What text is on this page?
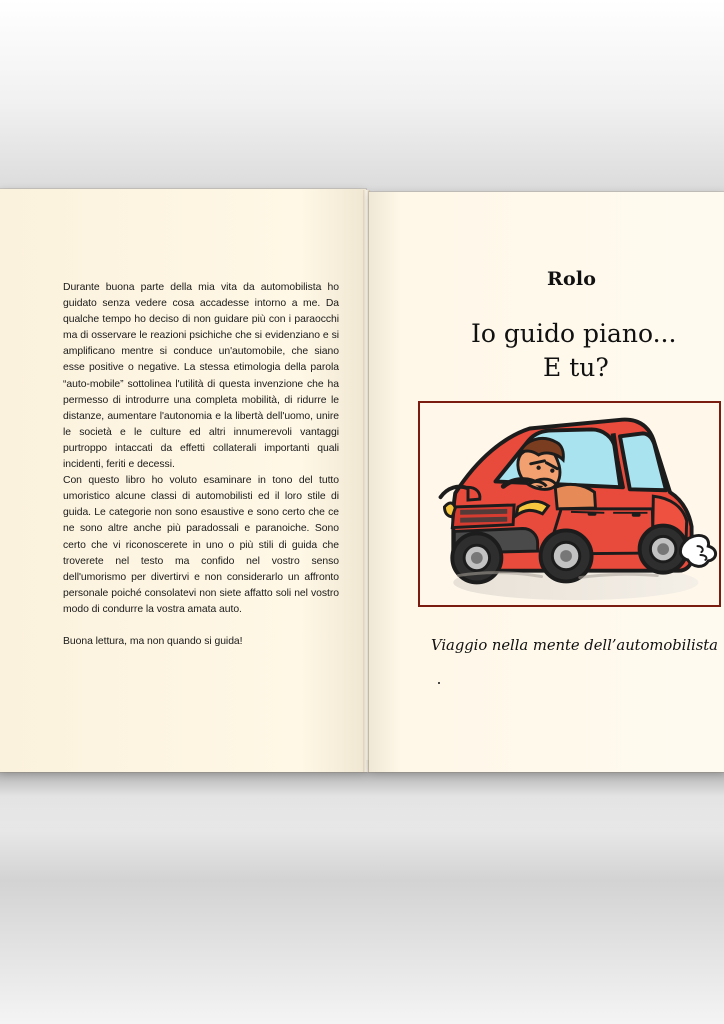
Durante buona parte della mia vita da automobilista ho guidato senza vedere cosa accadesse intorno a me. Da qualche tempo ho deciso di non guidare più con i paraocchi ma di osservare le reazioni psichiche che si evidenziano e si amplificano mentre si conduce un'automobile, che siano esse positive o negative. La stessa etimologia della parola “auto-mobile” sottolinea l'utilità di questa invenzione che ha permesso di introdurre una completa mobilità, di ridurre le distanze, aumentare l'autonomia e la libertà dell'uomo, unire le società e le culture ed altri innumerevoli vantaggi purtroppo intaccati da effetti collaterali importanti quali incidenti, feriti e decessi.
Con questo libro ho voluto esaminare in tono del tutto umoristico alcune classi di automobilisti ed il loro stile di guida. Le categorie non sono esaustive e sono certo che ce ne sono altre anche più paradossali e paranoiche. Sono certo che vi riconoscerete in uno o più stili di guida che troverete nel testo ma confido nel vostro senso dell'umorismo per divertirvi e non considerarlo un affronto personale poiché consolatevi non siete affatto soli nel vostro modo di condurre la vostra amata auto.

Buona lettura, ma non quando si guida!

Rolo
Io guido piano...
E tu?
Viaggio nella mente dell’automobilista
